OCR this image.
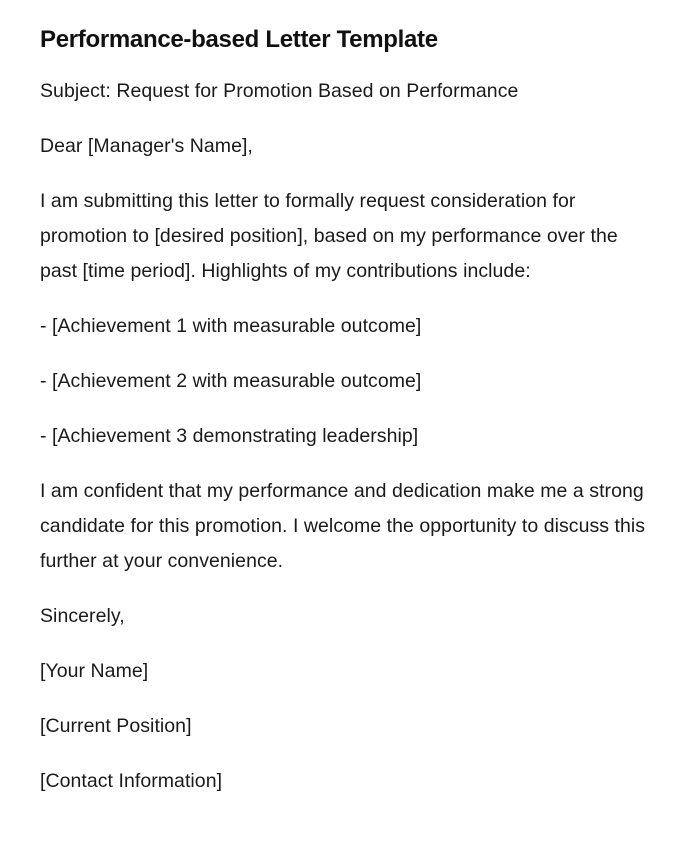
Performance-based Letter Template

Subject: Request for Promotion Based on Performance

Dear [Manager's Name],

I am submitting this letter to formally request consideration for promotion to [desired position], based on my performance over the past [time period]. Highlights of my contributions include:

- [Achievement 1 with measurable outcome]

- [Achievement 2 with measurable outcome]

- [Achievement 3 demonstrating leadership]

I am confident that my performance and dedication make me a strong candidate for this promotion. I welcome the opportunity to discuss this further at your convenience.

Sincerely,

[Your Name]

[Current Position]

[Contact Information]
